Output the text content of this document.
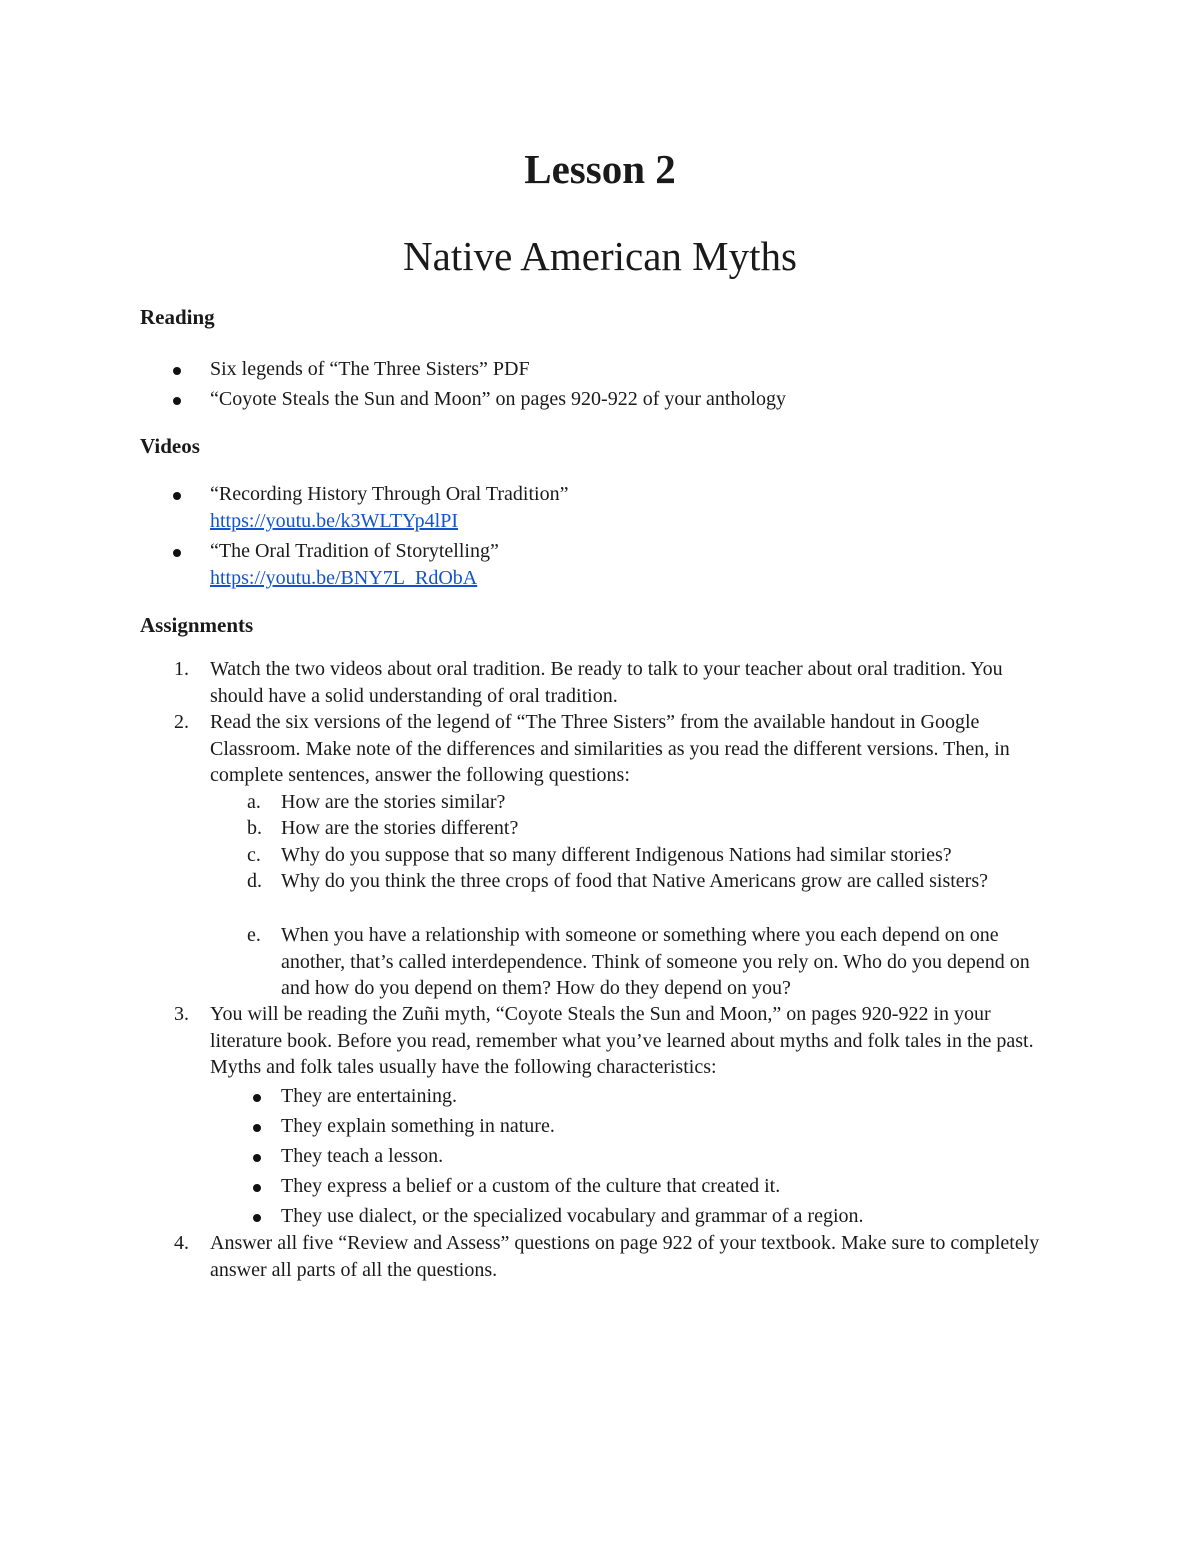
Lesson 2
Native American Myths
Reading
Six legends of “The Three Sisters” PDF
“Coyote Steals the Sun and Moon” on pages 920-922 of your anthology
Videos
“Recording History Through Oral Tradition”
https://youtu.be/k3WLTYp4lPI
“The Oral Tradition of Storytelling”
https://youtu.be/BNY7L_RdObA
Assignments
1. Watch the two videos about oral tradition. Be ready to talk to your teacher about oral tradition. You should have a solid understanding of oral tradition.
2. Read the six versions of the legend of “The Three Sisters” from the available handout in Google Classroom. Make note of the differences and similarities as you read the different versions. Then, in complete sentences, answer the following questions:
a. How are the stories similar?
b. How are the stories different?
c. Why do you suppose that so many different Indigenous Nations had similar stories?
d. Why do you think the three crops of food that Native Americans grow are called sisters?
e. When you have a relationship with someone or something where you each depend on one another, that’s called interdependence. Think of someone you rely on. Who do you depend on and how do you depend on them? How do they depend on you?
3. You will be reading the Zuñi myth, “Coyote Steals the Sun and Moon,” on pages 920-922 in your literature book. Before you read, remember what you’ve learned about myths and folk tales in the past. Myths and folk tales usually have the following characteristics:
They are entertaining.
They explain something in nature.
They teach a lesson.
They express a belief or a custom of the culture that created it.
They use dialect, or the specialized vocabulary and grammar of a region.
4. Answer all five “Review and Assess” questions on page 922 of your textbook. Make sure to completely answer all parts of all the questions.
